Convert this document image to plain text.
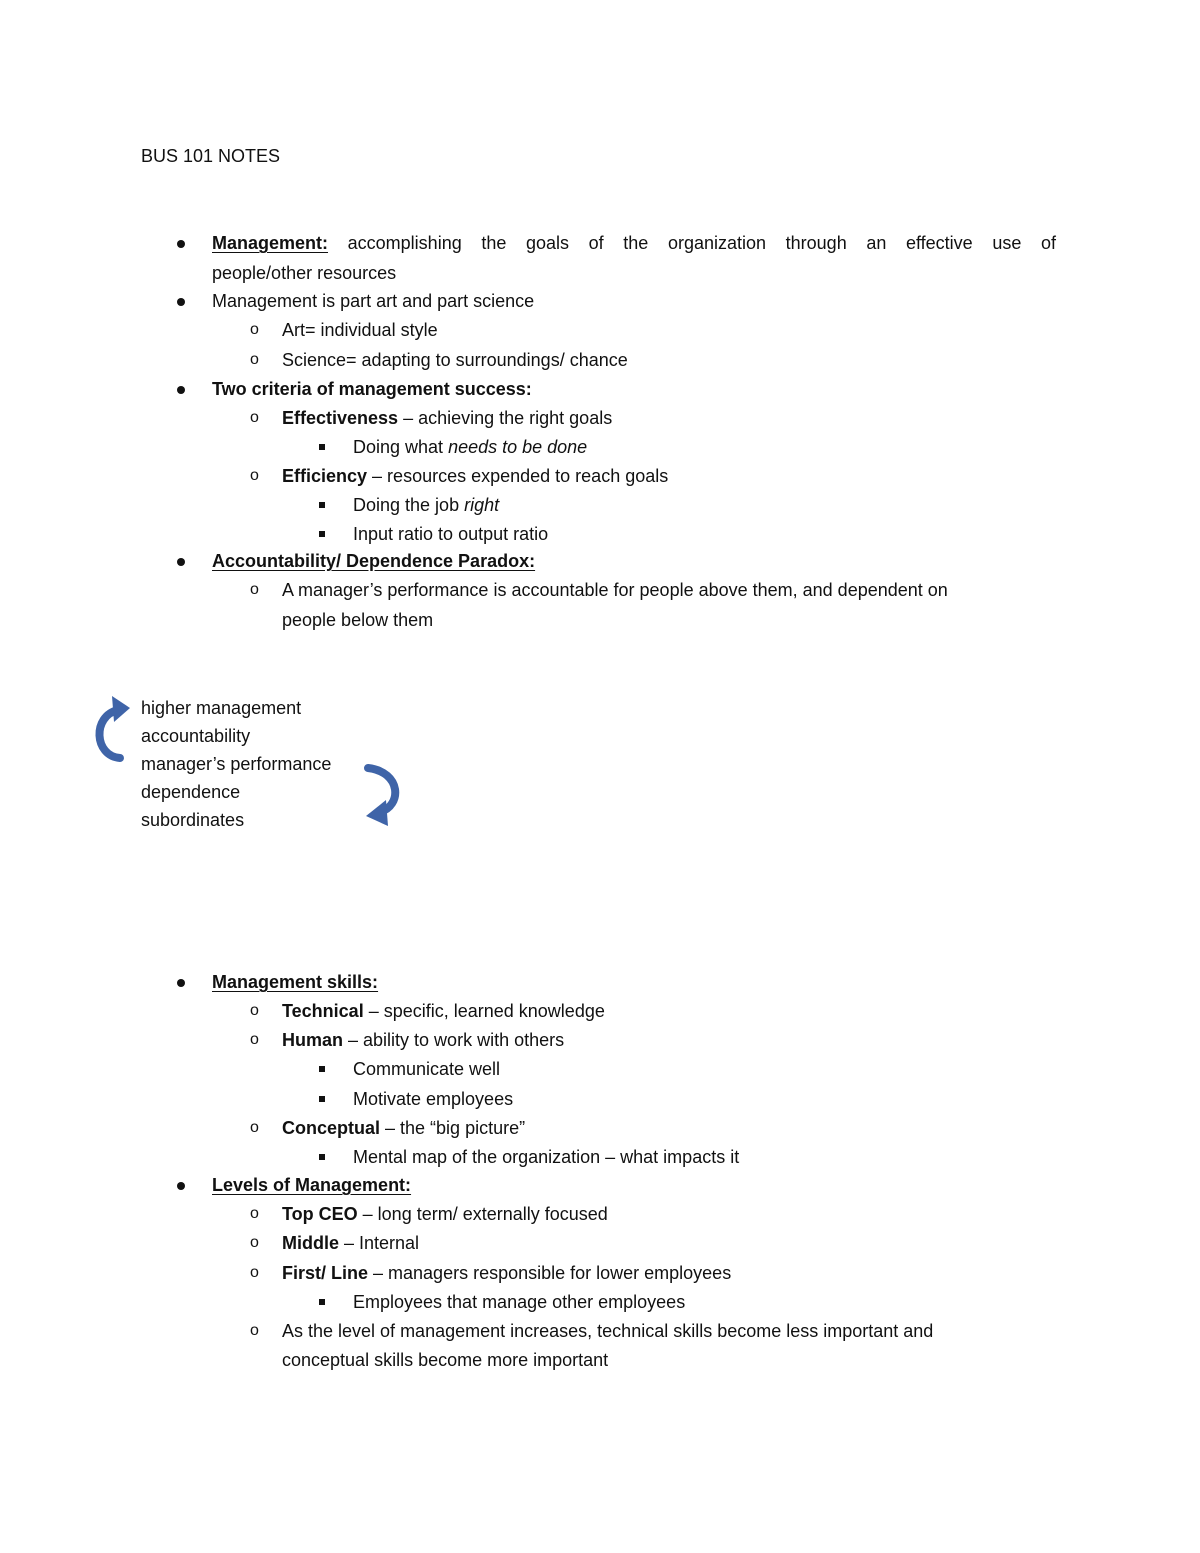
BUS 101 NOTES
Management: accomplishing the goals of the organization through an effective use of
people/other resources
Management is part art and part science
o Art= individual style
o Science= adapting to surroundings/ chance
Two criteria of management success:
o Effectiveness – achieving the right goals
Doing what needs to be done
o Efficiency – resources expended to reach goals
Doing the job right
Input ratio to output ratio
Accountability/ Dependence Paradox:
o A manager’s performance is accountable for people above them, and dependent on
people below them
higher management
accountability
manager’s performance
dependence
subordinates
Management skills:
o Technical – specific, learned knowledge
o Human – ability to work with others
Communicate well
Motivate employees
o Conceptual – the “big picture”
Mental map of the organization – what impacts it
Levels of Management:
o Top CEO – long term/ externally focused
o Middle – Internal
o First/ Line – managers responsible for lower employees
Employees that manage other employees
o As the level of management increases, technical skills become less important and
conceptual skills become more important
